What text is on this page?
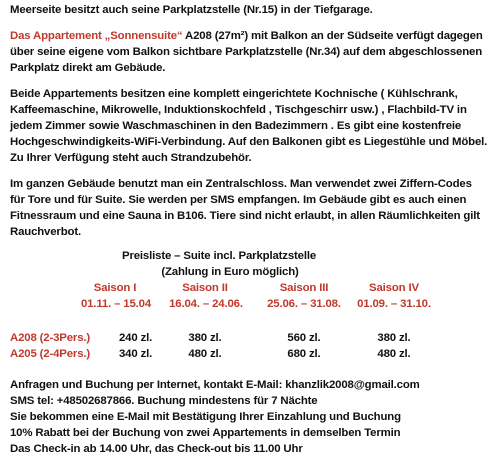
Meerseite besitzt auch seine Parkplatzstelle (Nr.15) in der Tiefgarage.
Das Appartement „Sonnensuite“ A208 (27m²) mit Balkon an der Südseite verfügt dagegen
über seine eigene vom Balkon sichtbare Parkplatzstelle (Nr.34) auf dem abgeschlossenen
Parkplatz direkt am Gebäude.
Beide Appartements besitzen eine komplett eingerichtete Kochnische ( Kühlschrank,
Kaffeemaschine, Mikrowelle, Induktionskochfeld , Tischgeschirr usw.) , Flachbild-TV in
jedem Zimmer sowie Waschmaschinen in den Badezimmern . Es gibt eine kostenfreie
Hochgeschwindigkeits-WiFi-Verbindung. Auf den Balkonen gibt es Liegestühle und Möbel.
Zu Ihrer Verfügung steht auch Strandzubehör.
Im ganzen Gebäude benutzt man ein Zentralschloss. Man verwendet zwei Ziffern-Codes
für Tore und für Suite. Sie werden per SMS empfangen. Im Gebäude gibt es auch einen
Fitnessraum und eine Sauna in B106. Tiere sind nicht erlaubt, in allen Räumlichkeiten gilt
Rauchverbot.
Preisliste – Suite incl. Parkplatzstelle
(Zahlung in Euro möglich)
Saison I	Saison II	Saison III	Saison IV
01.11. – 15.04	16.04. – 24.06.	25.06. – 31.08.	01.09. – 31.10.
A208 (2-3Pers.)	240 zl.	380 zl.	560 zl.	380 zl.
A205 (2-4Pers.)	340 zl.	480 zl.	680 zl.	480 zl.
Anfragen und Buchung per Internet, kontakt E-Mail: khanzlik2008@gmail.com
SMS tel: +48502687866. Buchung mindestens für 7 Nächte
Sie bekommen eine E-Mail mit Bestätigung Ihrer Einzahlung und Buchung
10% Rabatt bei der Buchung von zwei Appartements in demselben Termin
Das Check-in ab 14.00 Uhr, das Check-out bis 11.00 Uhr
